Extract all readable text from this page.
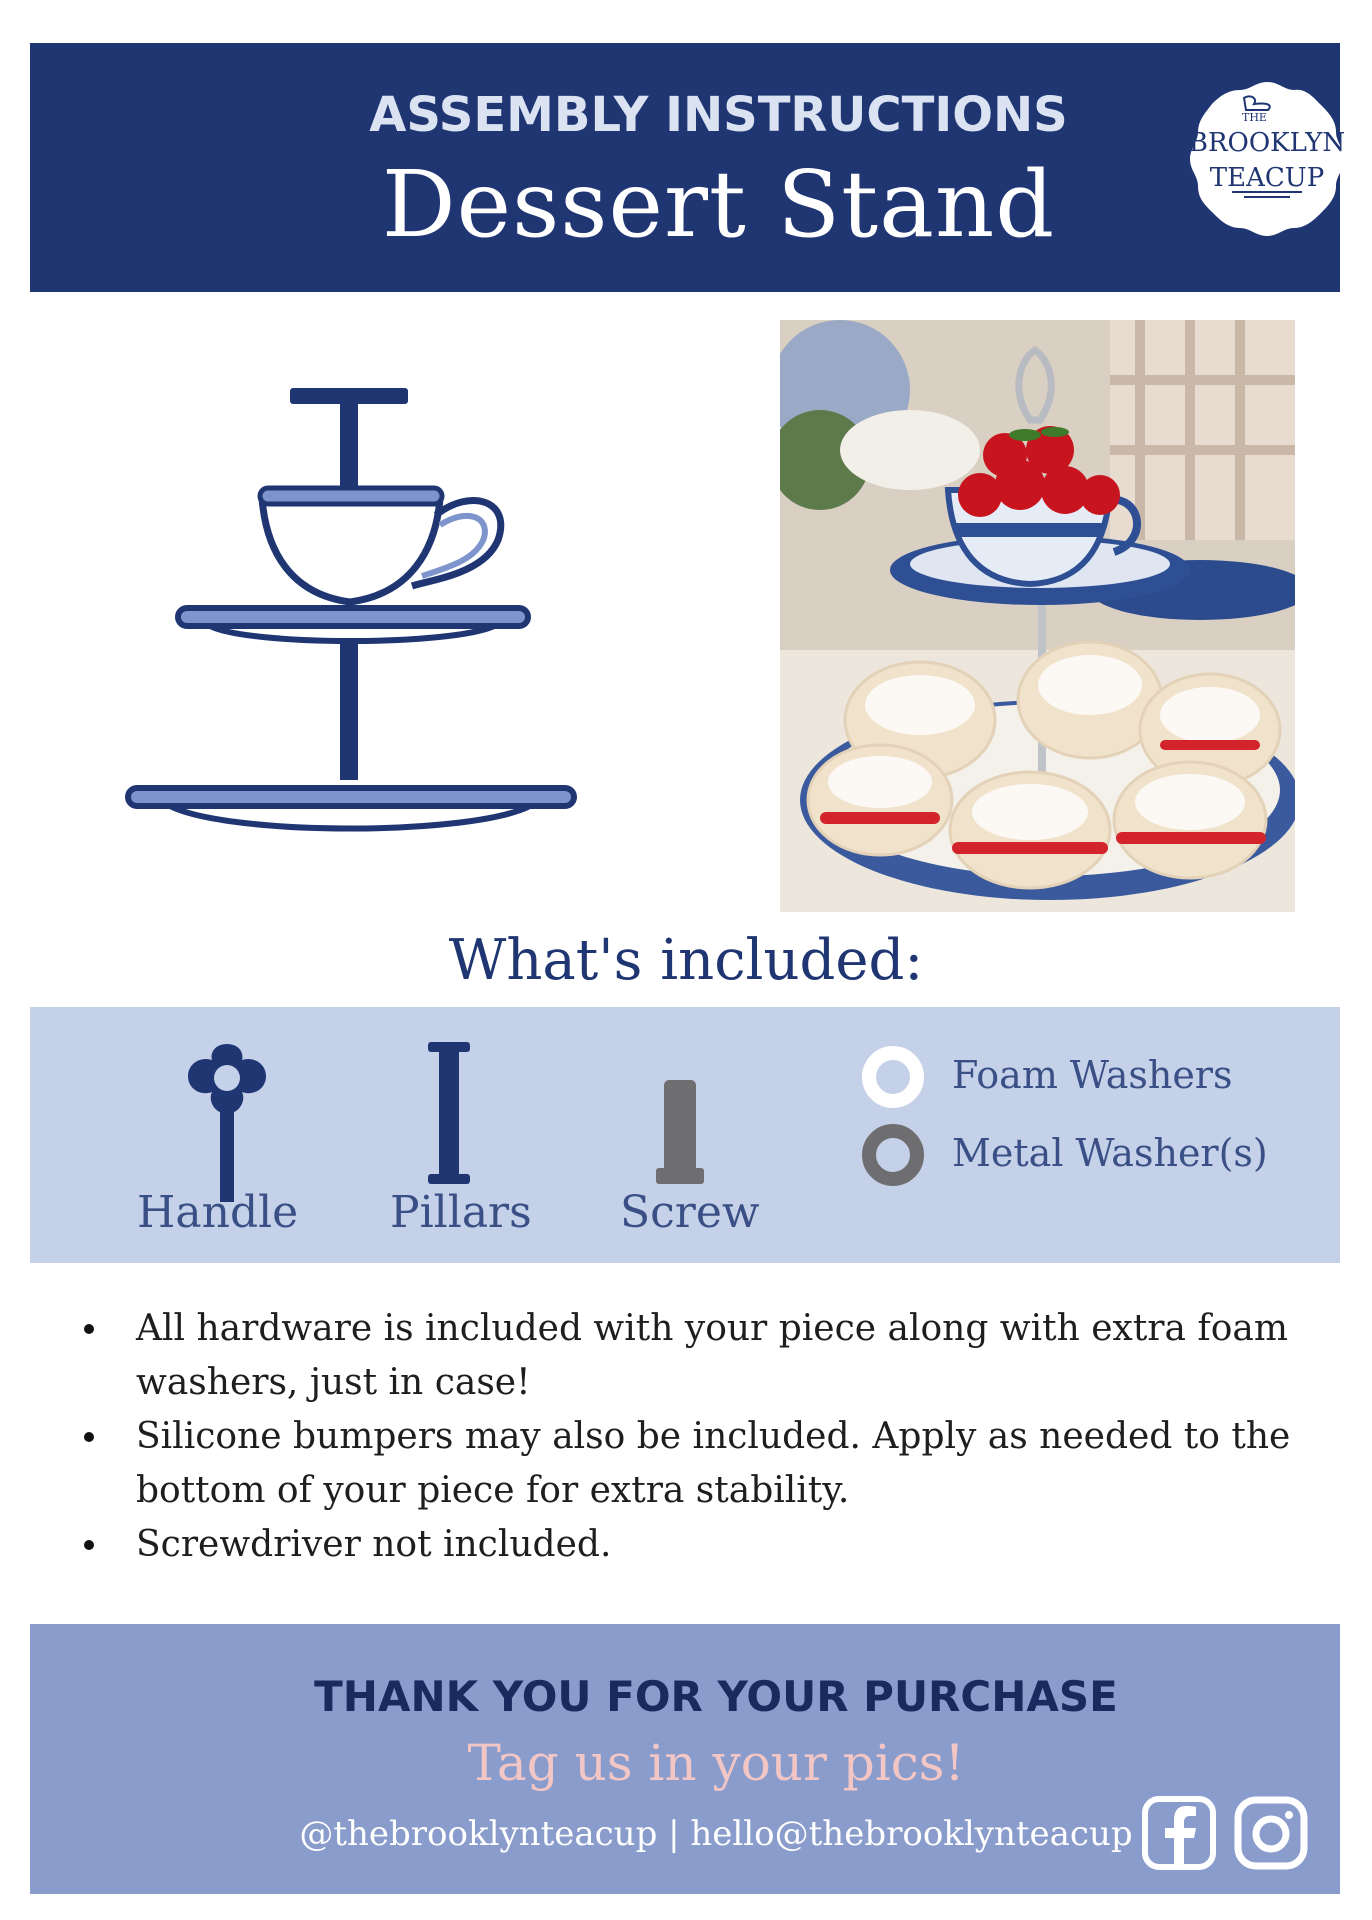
ASSEMBLY INSTRUCTIONS
Dessert Stand
THE
BROOKLYN
TEACUP
What's included:
Handle Pillars Screw
Foam Washers
Metal Washer(s)
All hardware is included with your piece along with extra foam washers, just in case!
Silicone bumpers may also be included. Apply as needed to the bottom of your piece for extra stability.
Screwdriver not included.
THANK YOU FOR YOUR PURCHASE
Tag us in your pics!
@thebrooklynteacup | hello@thebrooklynteacup
